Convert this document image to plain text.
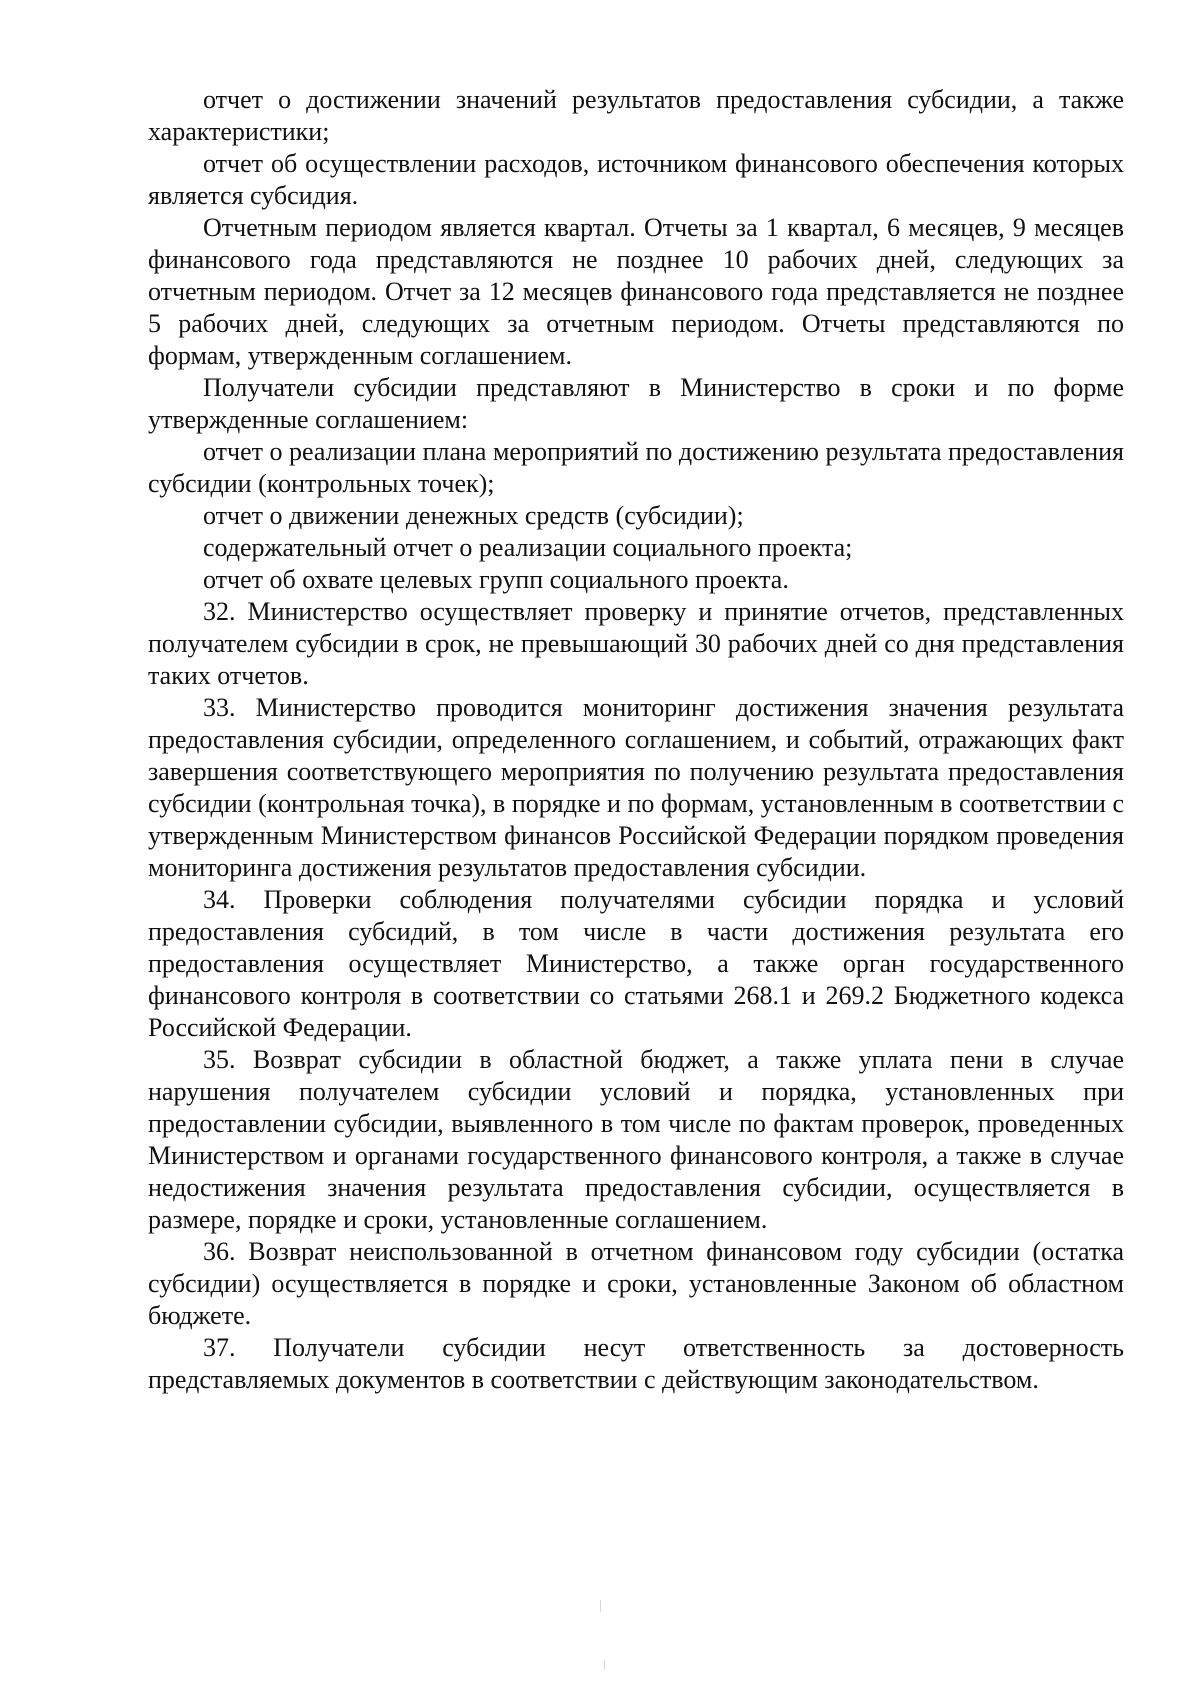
отчет о достижении значений результатов предоставления субсидии, а также характеристики;

отчет об осуществлении расходов, источником финансового обеспечения которых является субсидия.

Отчетным периодом является квартал. Отчеты за 1 квартал, 6 месяцев, 9 месяцев финансового года представляются не позднее 10 рабочих дней, следующих за отчетным периодом. Отчет за 12 месяцев финансового года представляется не позднее 5 рабочих дней, следующих за отчетным периодом. Отчеты представляются по формам, утвержденным соглашением.

Получатели субсидии представляют в Министерство в сроки и по форме утвержденные соглашением:

отчет о реализации плана мероприятий по достижению результата предоставления субсидии (контрольных точек);

отчет о движении денежных средств (субсидии);

содержательный отчет о реализации социального проекта;

отчет об охвате целевых групп социального проекта.

32. Министерство осуществляет проверку и принятие отчетов, представленных получателем субсидии в срок, не превышающий 30 рабочих дней со дня представления таких отчетов.

33. Министерство проводится мониторинг достижения значения результата предоставления субсидии, определенного соглашением, и событий, отражающих факт завершения соответствующего мероприятия по получению результата предоставления субсидии (контрольная точка), в порядке и по формам, установленным в соответствии с утвержденным Министерством финансов Российской Федерации порядком проведения мониторинга достижения результатов предоставления субсидии.

34. Проверки соблюдения получателями субсидии порядка и условий предоставления субсидий, в том числе в части достижения результата его предоставления осуществляет Министерство, а также орган государственного финансового контроля в соответствии со статьями 268.1 и 269.2 Бюджетного кодекса Российской Федерации.

35. Возврат субсидии в областной бюджет, а также уплата пени в случае нарушения получателем субсидии условий и порядка, установленных при предоставлении субсидии, выявленного в том числе по фактам проверок, проведенных Министерством и органами государственного финансового контроля, а также в случае недостижения значения результата предоставления субсидии, осуществляется в размере, порядке и сроки, установленные соглашением.

36. Возврат неиспользованной в отчетном финансовом году субсидии (остатка субсидии) осуществляется в порядке и сроки, установленные Законом об областном бюджете.

37. Получатели субсидии несут ответственность за достоверность представляемых документов в соответствии с действующим законодательством.
